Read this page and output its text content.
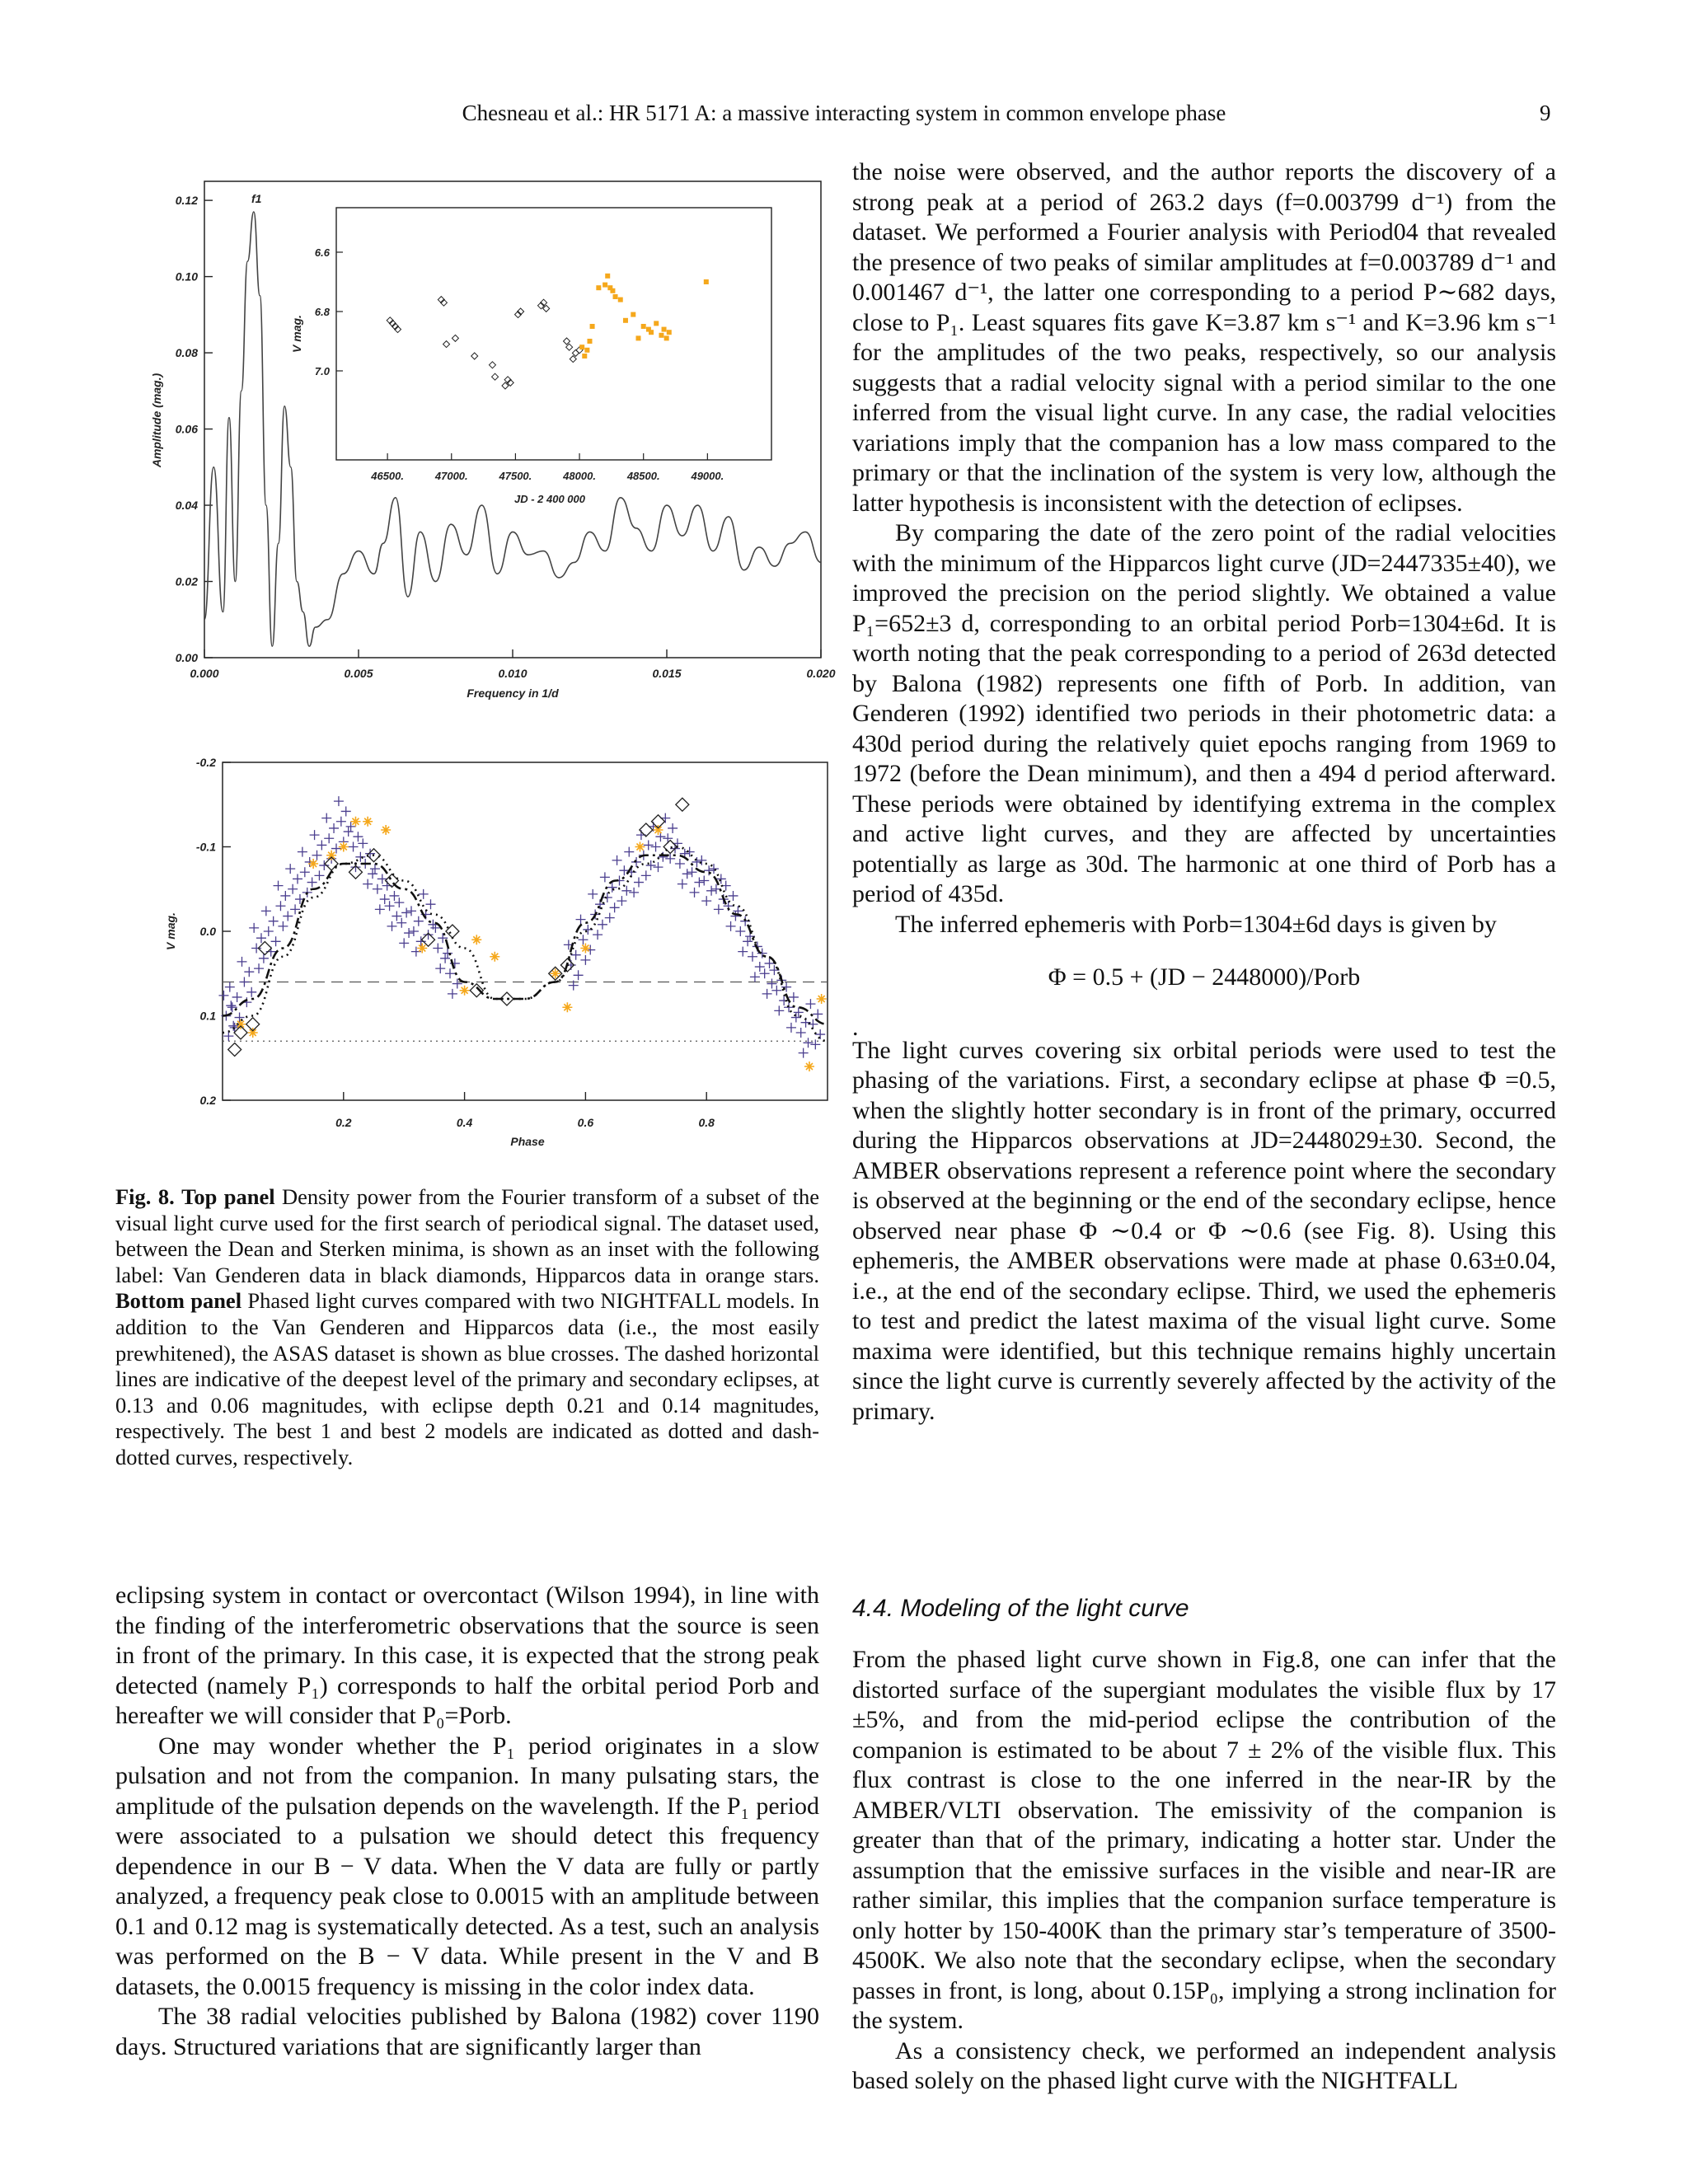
Chesneau et al.: HR 5171 A: a massive interacting system in common envelope phase	9
0.00
0.02
0.04
0.06
0.08
0.10
0.12
0.000	0.005	0.010	0.015	0.020
f1
Amplitude (mag.)
Frequency in 1/d
6.6
6.8
7.0
46500.	47000.	47500.	48000.	48500.	49000.
V mag.
JD - 2 400 000
-0.2
-0.1
0.0
0.1
0.2
0.2	0.4	0.6	0.8
V mag.
Phase
Fig. 8. Top panel Density power from the Fourier transform of a subset of the visual light curve used for the first search of periodical signal. The dataset used, between the Dean and Sterken minima, is shown as an inset with the following label: Van Genderen data in black diamonds, Hipparcos data in orange stars. Bottom panel Phased light curves compared with two NIGHTFALL models. In addition to the Van Genderen and Hipparcos data (i.e., the most easily prewhitened), the ASAS dataset is shown as blue crosses. The dashed horizontal lines are indicative of the deepest level of the primary and secondary eclipses, at 0.13 and 0.06 magnitudes, with eclipse depth 0.21 and 0.14 magnitudes, respectively. The best 1 and best 2 models are indicated as dotted and dash-dotted curves, respectively.

eclipsing system in contact or overcontact (Wilson 1994), in line with the finding of the interferometric observations that the source is seen in front of the primary. In this case, it is expected that the strong peak detected (namely P₁) corresponds to half the orbital period Porb and hereafter we will consider that P₀=Porb.

One may wonder whether the P₁ period originates in a slow pulsation and not from the companion. In many pulsating stars, the amplitude of the pulsation depends on the wavelength. If the P₁ period were associated to a pulsation we should detect this frequency dependence in our B − V data. When the V data are fully or partly analyzed, a frequency peak close to 0.0015 with an amplitude between 0.1 and 0.12 mag is systematically detected. As a test, such an analysis was performed on the B − V data. While present in the V and B datasets, the 0.0015 frequency is missing in the color index data.

The 38 radial velocities published by Balona (1982) cover 1190 days. Structured variations that are significantly larger than

the noise were observed, and the author reports the discovery of a strong peak at a period of 263.2 days (f=0.003799 d⁻¹) from the dataset. We performed a Fourier analysis with Period04 that revealed the presence of two peaks of similar amplitudes at f=0.003789 d⁻¹ and 0.001467 d⁻¹, the latter one corresponding to a period P∼682 days, close to P₁. Least squares fits gave K=3.87 km s⁻¹ and K=3.96 km s⁻¹ for the amplitudes of the two peaks, respectively, so our analysis suggests that a radial velocity signal with a period similar to the one inferred from the visual light curve. In any case, the radial velocities variations imply that the companion has a low mass compared to the primary or that the inclination of the system is very low, although the latter hypothesis is inconsistent with the detection of eclipses.

By comparing the date of the zero point of the radial velocities with the minimum of the Hipparcos light curve (JD=2447335±40), we improved the precision on the period slightly. We obtained a value P₁=652±3 d, corresponding to an orbital period Porb=1304±6d. It is worth noting that the peak corresponding to a period of 263d detected by Balona (1982) represents one fifth of Porb. In addition, van Genderen (1992) identified two periods in their photometric data: a 430d period during the relatively quiet epochs ranging from 1969 to 1972 (before the Dean minimum), and then a 494 d period afterward. These periods were obtained by identifying extrema in the complex and active light curves, and they are affected by uncertainties potentially as large as 30d. The harmonic at one third of Porb has a period of 435d.

The inferred ephemeris with Porb=1304±6d days is given by

Φ = 0.5 + (JD − 2448000)/Porb

.

The light curves covering six orbital periods were used to test the phasing of the variations. First, a secondary eclipse at phase Φ =0.5, when the slightly hotter secondary is in front of the primary, occurred during the Hipparcos observations at JD=2448029±30. Second, the AMBER observations represent a reference point where the secondary is observed at the beginning or the end of the secondary eclipse, hence observed near phase Φ ∼0.4 or Φ ∼0.6 (see Fig. 8). Using this ephemeris, the AMBER observations were made at phase 0.63±0.04, i.e., at the end of the secondary eclipse. Third, we used the ephemeris to test and predict the latest maxima of the visual light curve. Some maxima were identified, but this technique remains highly uncertain since the light curve is currently severely affected by the activity of the primary.

4.4. Modeling of the light curve

From the phased light curve shown in Fig.8, one can infer that the distorted surface of the supergiant modulates the visible flux by 17 ±5%, and from the mid-period eclipse the contribution of the companion is estimated to be about 7 ± 2% of the visible flux. This flux contrast is close to the one inferred in the near-IR by the AMBER/VLTI observation. The emissivity of the companion is greater than that of the primary, indicating a hotter star. Under the assumption that the emissive surfaces in the visible and near-IR are rather similar, this implies that the companion surface temperature is only hotter by 150-400K than the primary star’s temperature of 3500-4500K. We also note that the secondary eclipse, when the secondary passes in front, is long, about 0.15P₀, implying a strong inclination for the system.

As a consistency check, we performed an independent analysis based solely on the phased light curve with the NIGHTFALL
